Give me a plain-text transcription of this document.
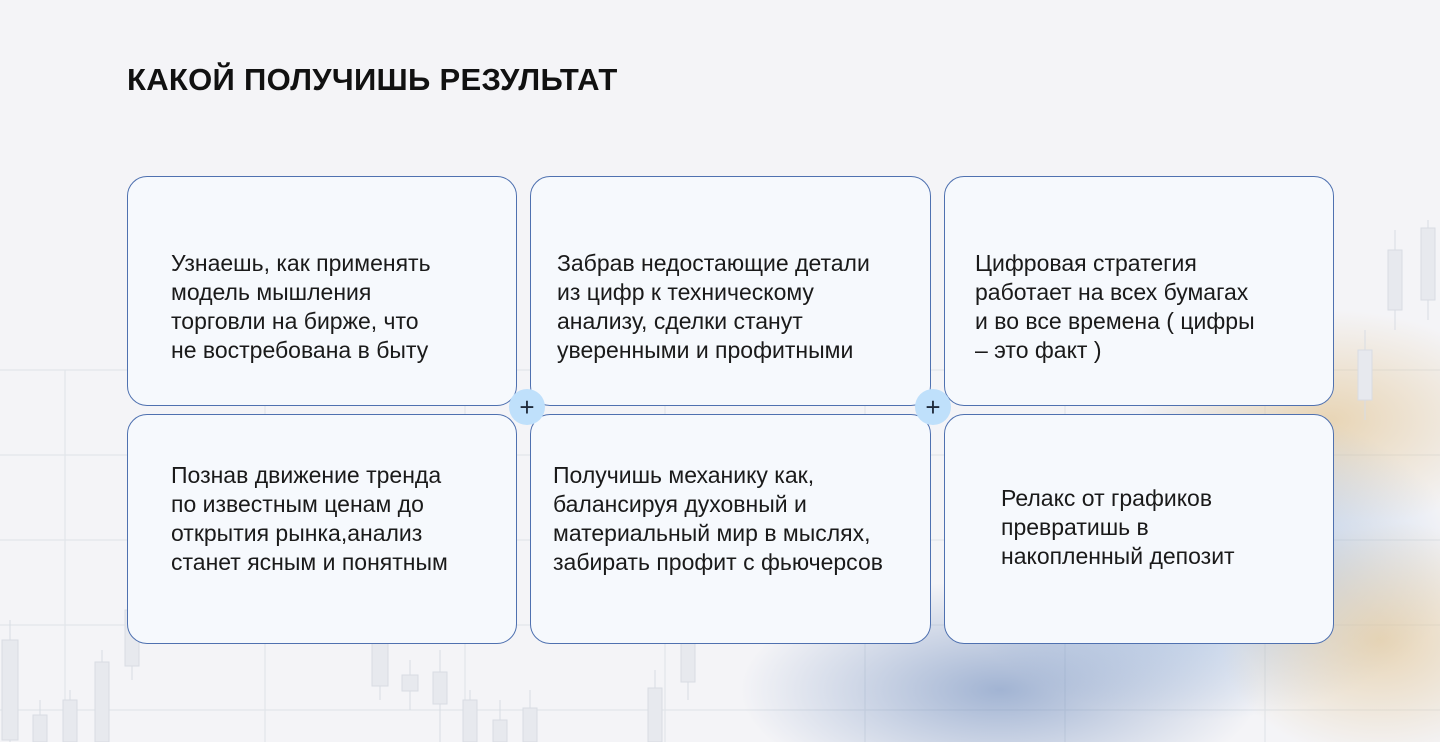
КАКОЙ ПОЛУЧИШЬ РЕЗУЛЬТАТ

Узнаешь, как применять
модель мышления
торговли на бирже, что
не востребована в быту

Забрав недостающие детали
из цифр к техническому
анализу, сделки станут
уверенными и профитными

Цифровая стратегия
работает на всех бумагах
и во все времена ( цифры
– это факт )

Познав движение тренда
по известным ценам до
открытия рынка,анализ
станет ясным и понятным

Получишь механику как,
балансируя духовный и
материальный мир в мыслях,
забирать профит с фьючерсов

Релакс от графиков
превратишь в
накопленный депозит

+	+
